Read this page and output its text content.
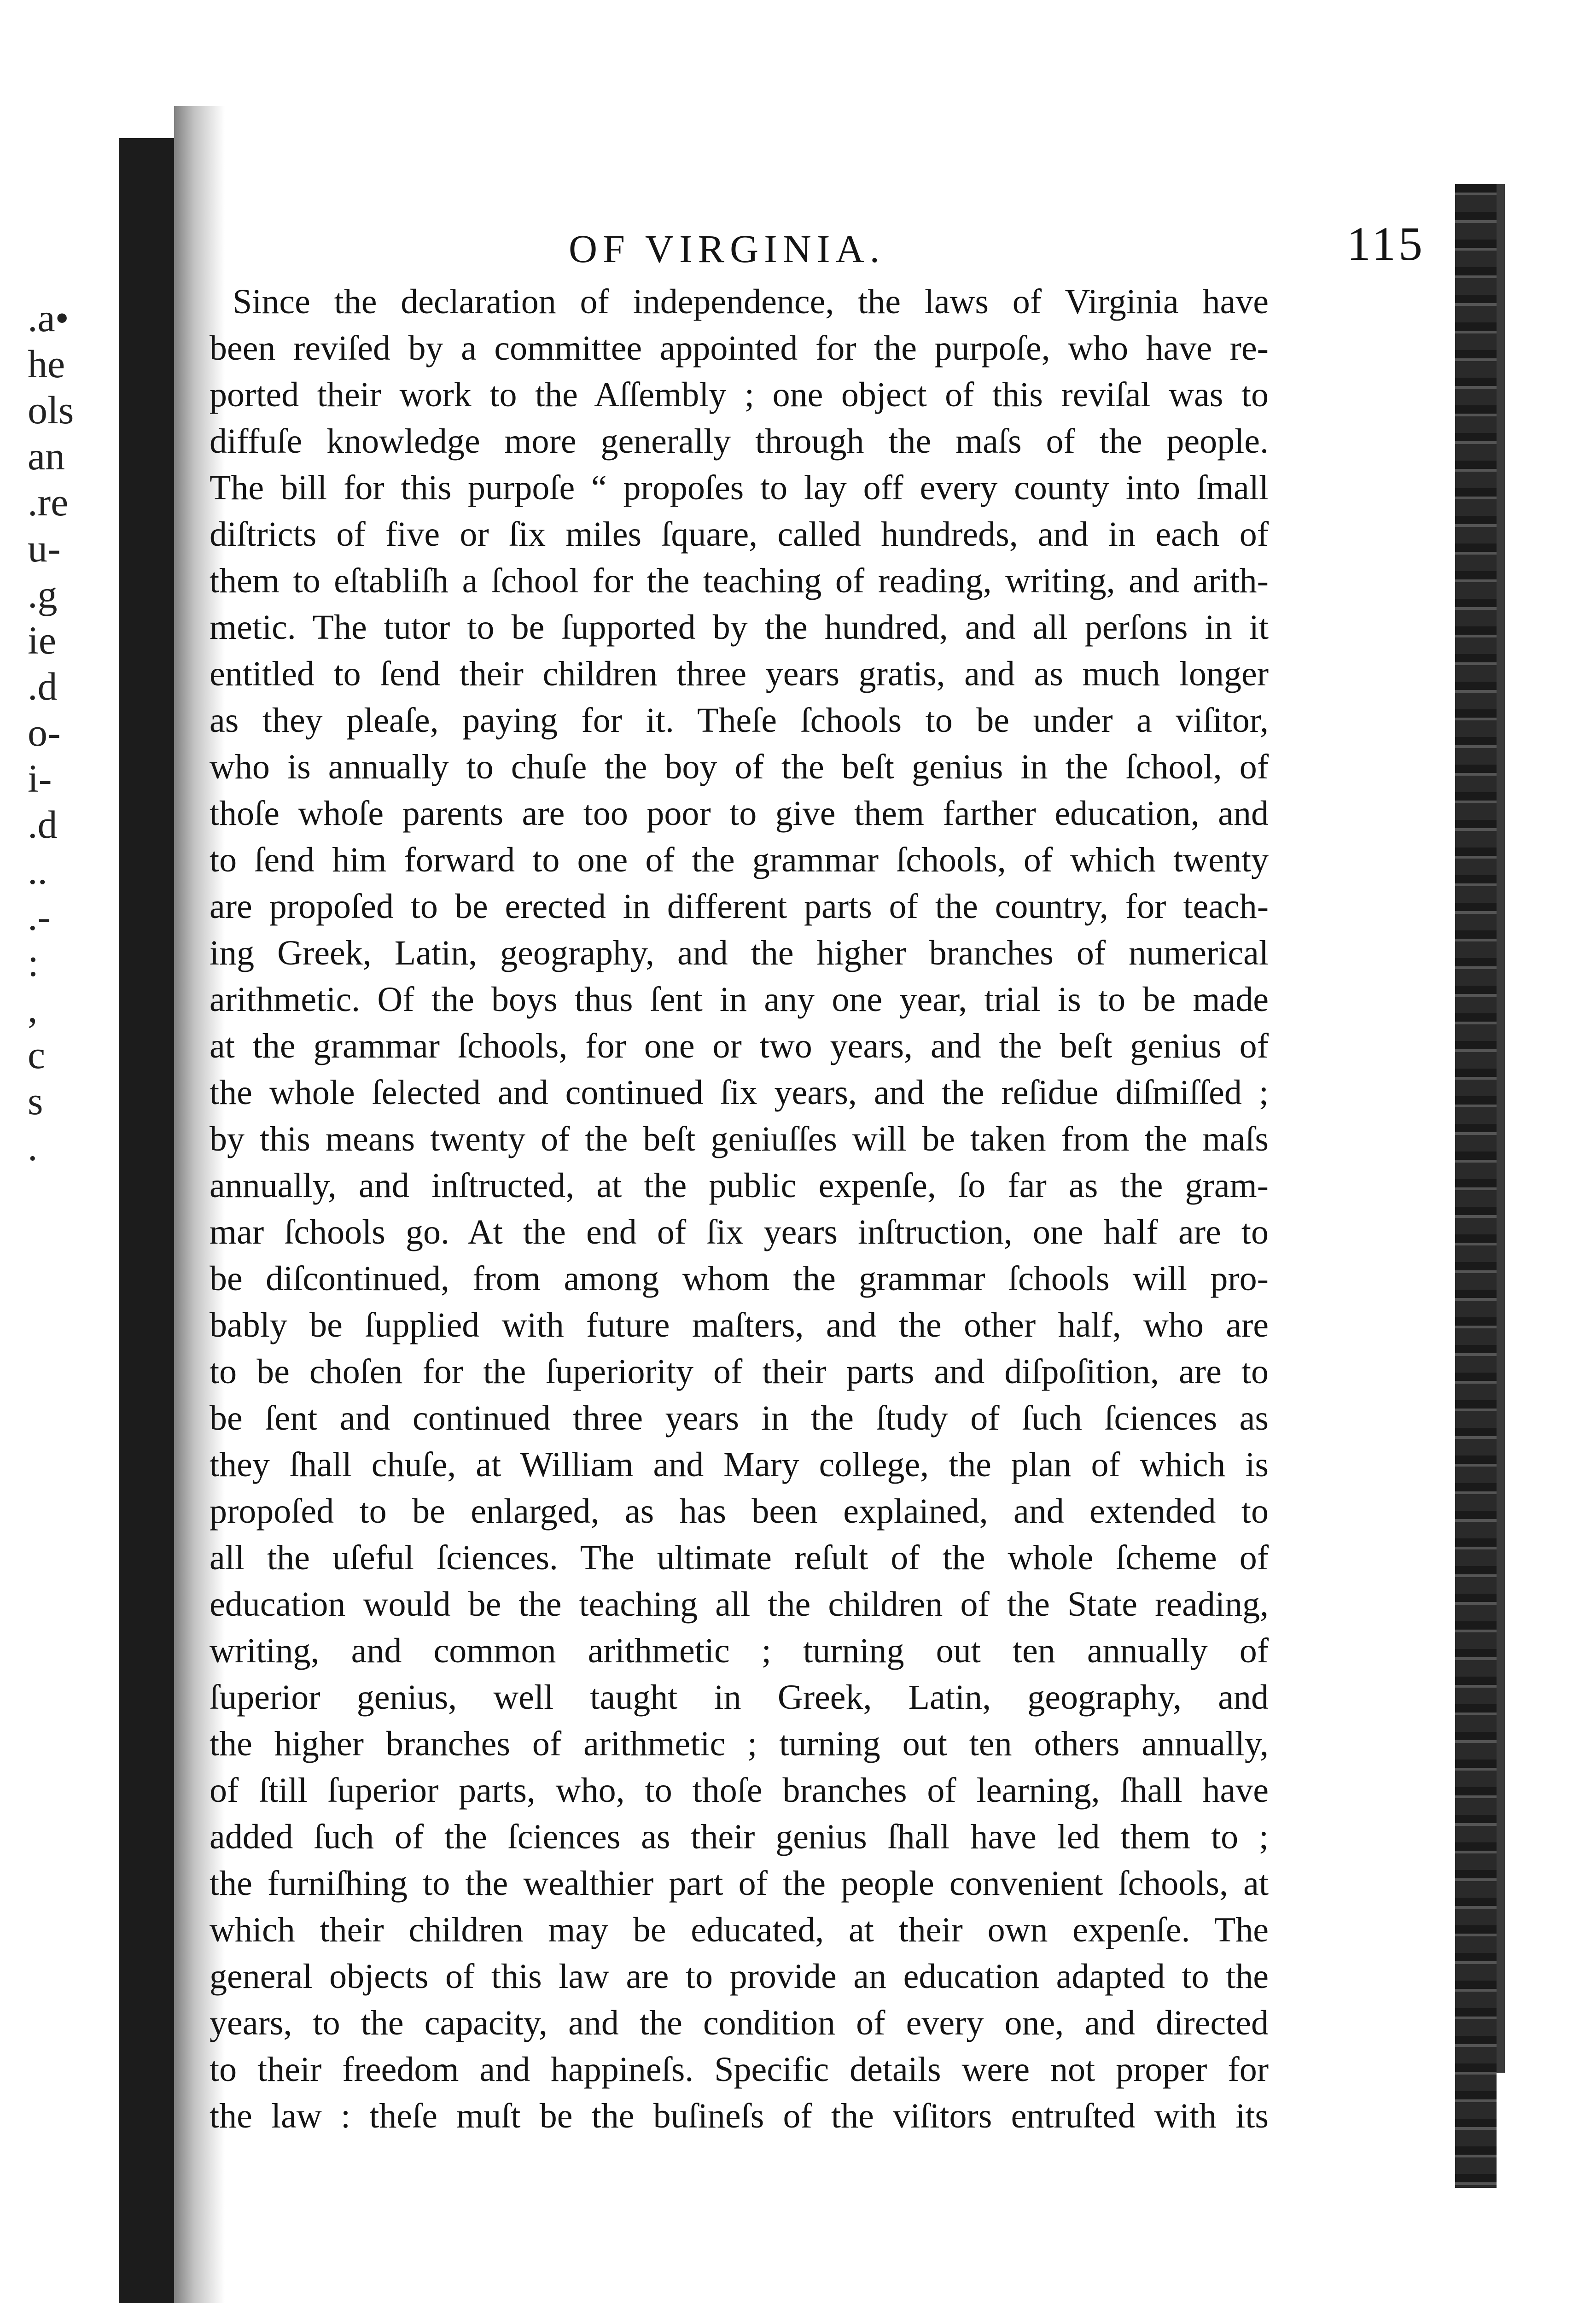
.a•
he
ols
an
.re
u-
.g
ie
.d
o-
i-
.d
..
.-
:
,
c
s
.
OF VIRGINIA.	115
Since the declaration of independence, the laws of Virginia have
been reviſed by a committee appointed for the purpoſe, who have re-
ported their work to the Aſſembly ; one object of this reviſal was to
diffuſe knowledge more generally through the maſs of the people.
The bill for this purpoſe “ propoſes to lay off every county into ſmall
diſtricts of five or ſix miles ſquare, called hundreds, and in each of
them to eſtabliſh a ſchool for the teaching of reading, writing, and arith-
metic. The tutor to be ſupported by the hundred, and all perſons in it
entitled to ſend their children three years gratis, and as much longer
as they pleaſe, paying for it. Theſe ſchools to be under a viſitor,
who is annually to chuſe the boy of the beſt genius in the ſchool, of
thoſe whoſe parents are too poor to give them farther education, and
to ſend him forward to one of the grammar ſchools, of which twenty
are propoſed to be erected in different parts of the country, for teach-
ing Greek, Latin, geography, and the higher branches of numerical
arithmetic. Of the boys thus ſent in any one year, trial is to be made
at the grammar ſchools, for one or two years, and the beſt genius of
the whole ſelected and continued ſix years, and the reſidue diſmiſſed ;
by this means twenty of the beſt geniuſſes will be taken from the maſs
annually, and inſtructed, at the public expenſe, ſo far as the gram-
mar ſchools go. At the end of ſix years inſtruction, one half are to
be diſcontinued, from among whom the grammar ſchools will pro-
bably be ſupplied with future maſters, and the other half, who are
to be choſen for the ſuperiority of their parts and diſpoſition, are to
be ſent and continued three years in the ſtudy of ſuch ſciences as
they ſhall chuſe, at William and Mary college, the plan of which is
propoſed to be enlarged, as has been explained, and extended to
all the uſeful ſciences. The ultimate reſult of the whole ſcheme of
education would be the teaching all the children of the State reading,
writing, and common arithmetic ; turning out ten annually of
ſuperior genius, well taught in Greek, Latin, geography, and
the higher branches of arithmetic ; turning out ten others annually,
of ſtill ſuperior parts, who, to thoſe branches of learning, ſhall have
added ſuch of the ſciences as their genius ſhall have led them to ;
the furniſhing to the wealthier part of the people convenient ſchools, at
which their children may be educated, at their own expenſe. The
general objects of this law are to provide an education adapted to the
years, to the capacity, and the condition of every one, and directed
to their freedom and happineſs. Specific details were not proper for
the law : theſe muſt be the buſineſs of the viſitors entruſted with its
